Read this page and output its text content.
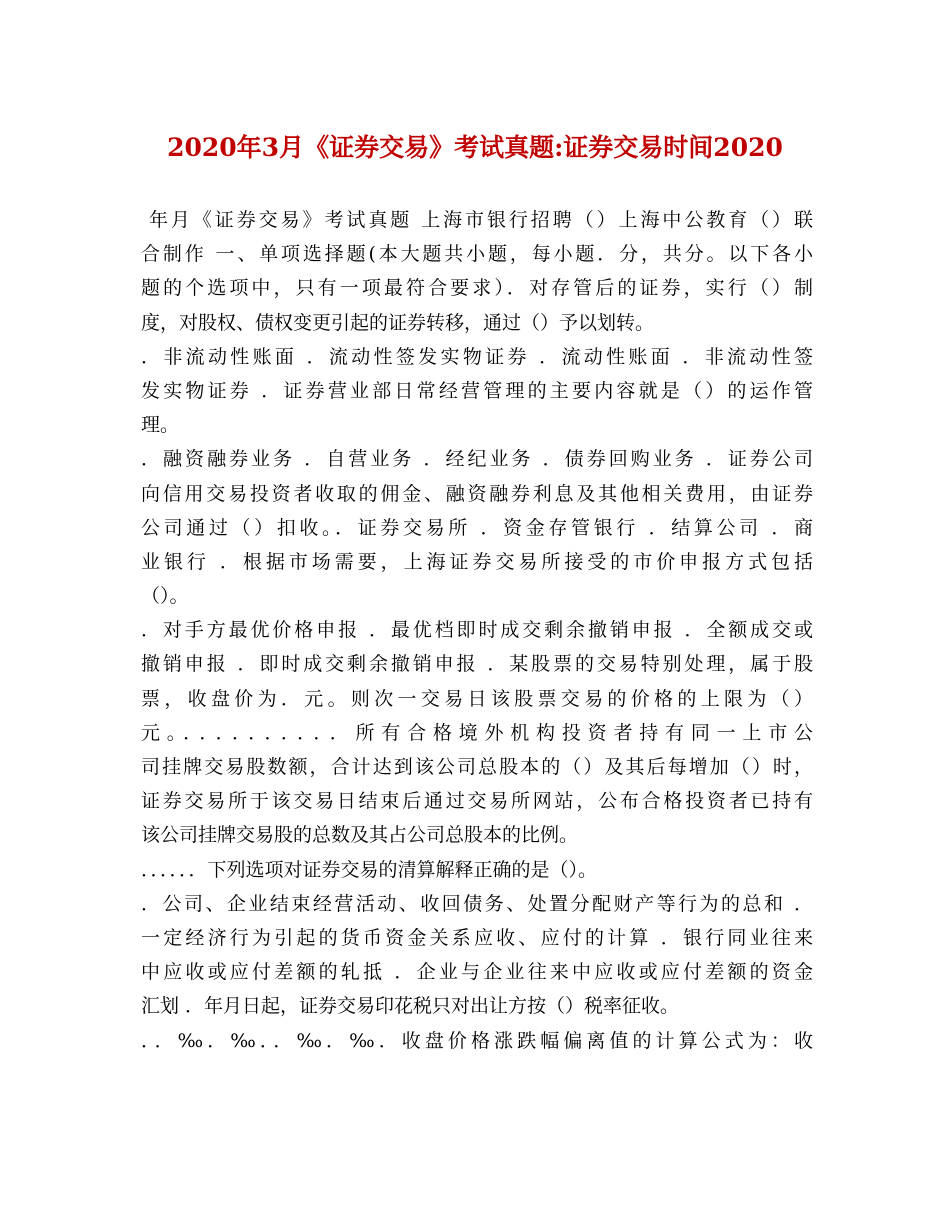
2020年3月《证券交易》考试真题:证券交易时间2020
年月《证券交易》考试真题 上海市银行招聘（）上海中公教育（）联
合制作 一、单项选择题(本大题共小题，每小题．分，共分。以下各小
题的个选项中，只有一项最符合要求）．对存管后的证券，实行（）制
度，对股权、债权变更引起的证券转移，通过（）予以划转。
．非流动性账面 ．流动性签发实物证券 ．流动性账面 ．非流动性签
发实物证券 ．证券营业部日常经营管理的主要内容就是（）的运作管
理。
．融资融券业务 ．自营业务 ．经纪业务 ．债券回购业务 ．证券公司
向信用交易投资者收取的佣金、融资融券利息及其他相关费用，由证券
公司通过（）扣收。．证券交易所 ．资金存管银行 ．结算公司 ．商
业银行 ．根据市场需要，上海证券交易所接受的市价申报方式包括
（）。
．对手方最优价格申报 ．最优档即时成交剩余撤销申报 ．全额成交或
撤销申报 ．即时成交剩余撤销申报 ．某股票的交易特别处理，属于股
票，收盘价为．元。则次一交易日该股票交易的价格的上限为（）
元。．．．．．．．．．．所有合格境外机构投资者持有同一上市公
司挂牌交易股数额，合计达到该公司总股本的（）及其后每增加（）时，
证券交易所于该交易日结束后通过交易所网站，公布合格投资者已持有
该公司挂牌交易股的总数及其占公司总股本的比例。
．．．．．．下列选项对证券交易的清算解释正确的是（）。
．公司、企业结束经营活动、收回债务、处置分配财产等行为的总和 ．
一定经济行为引起的货币资金关系应收、应付的计算 ．银行同业往来
中应收或应付差额的轧抵 ．企业与企业往来中应收或应付差额的资金
汇划 ．年月日起，证券交易印花税只对出让方按（）税率征收。
．．‰．‰．．‰．‰．收盘价格涨跌幅偏离值的计算公式为：收
